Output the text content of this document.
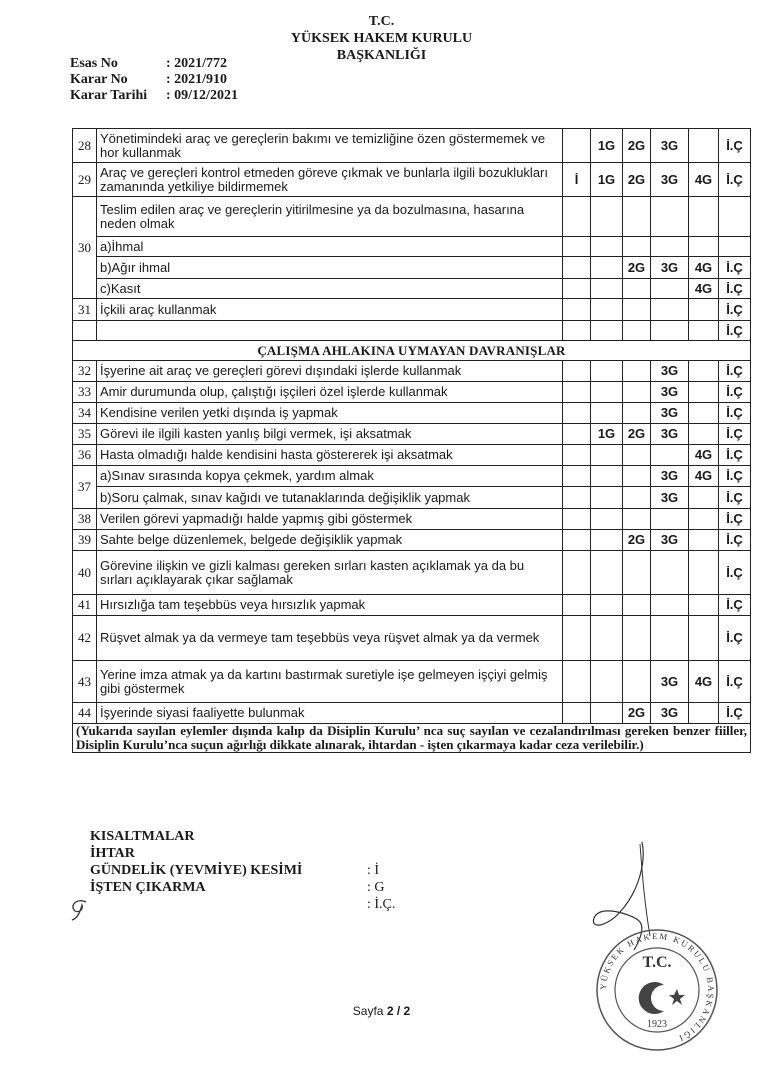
T.C.
YÜKSEK HAKEM KURULU
BAŞKANLIĞI
Esas No	: 2021/772
Karar No	: 2021/910
Karar Tarihi	: 09/12/2021
28	Yönetimindeki araç ve gereçlerin bakımı ve temizliğine özen göstermemek ve hor kullanmak		1G	2G	3G		İ.Ç
29	Araç ve gereçleri kontrol etmeden göreve çıkmak ve bunlarla ilgili bozuklukları zamanında yetkiliye bildirmemek	İ	1G	2G	3G	4G	İ.Ç
30	Teslim edilen araç ve gereçlerin yitirilmesine ya da bozulmasına, hasarına neden olmak						
	a)İhmal						
	b)Ağır ihmal			2G	3G	4G	İ.Ç
	c)Kasıt					4G	İ.Ç
31	İçkili araç kullanmak						İ.Ç
							İ.Ç
ÇALIŞMA AHLAKINA UYMAYAN DAVRANIŞLAR							
32	İşyerine ait araç ve gereçleri görevi dışındaki işlerde kullanmak				3G		İ.Ç
33	Amir durumunda olup, çalıştığı işçileri özel işlerde kullanmak				3G		İ.Ç
34	Kendisine verilen yetki dışında iş yapmak				3G		İ.Ç
35	Görevi ile ilgili kasten yanlış bilgi vermek, işi aksatmak		1G	2G	3G		İ.Ç
36	Hasta olmadığı halde kendisini hasta göstererek işi aksatmak					4G	İ.Ç
37	a)Sınav sırasında kopya çekmek, yardım almak				3G	4G	İ.Ç
	b)Soru çalmak, sınav kağıdı ve tutanaklarında değişiklik yapmak				3G		İ.Ç
38	Verilen görevi yapmadığı halde yapmış gibi göstermek						İ.Ç
39	Sahte belge düzenlemek, belgede değişiklik yapmak			2G	3G		İ.Ç
40	Görevine ilişkin ve gizli kalması gereken sırları kasten açıklamak ya da bu sırları açıklayarak çıkar sağlamak						İ.Ç
41	Hırsızlığa tam teşebbüs veya hırsızlık yapmak						İ.Ç
42	Rüşvet almak ya da vermeye tam teşebbüs veya rüşvet almak ya da vermek						İ.Ç
43	Yerine imza atmak ya da kartını bastırmak suretiyle işe gelmeyen işçiyi gelmiş gibi göstermek				3G	4G	İ.Ç
44	İşyerinde siyasi faaliyette bulunmak			2G	3G		İ.Ç
(Yukarıda sayılan eylemler dışında kalıp da Disiplin Kurulu’ nca suç sayılan ve cezalandırılması gereken benzer fiiller, Disiplin Kurulu’nca suçun ağırlığı dikkate alınarak, ihtardan - işten çıkarmaya kadar ceza verilebilir.)							
KISALTMALAR
İHTAR
GÜNDELİK (YEVMİYE) KESİMİ	: İ
İŞTEN ÇIKARMA	: G
: İ.Ç.
T.C.
1923
YÜKSEK HAKEM KURULU BAŞKANLIĞI
Sayfa 2 / 2
